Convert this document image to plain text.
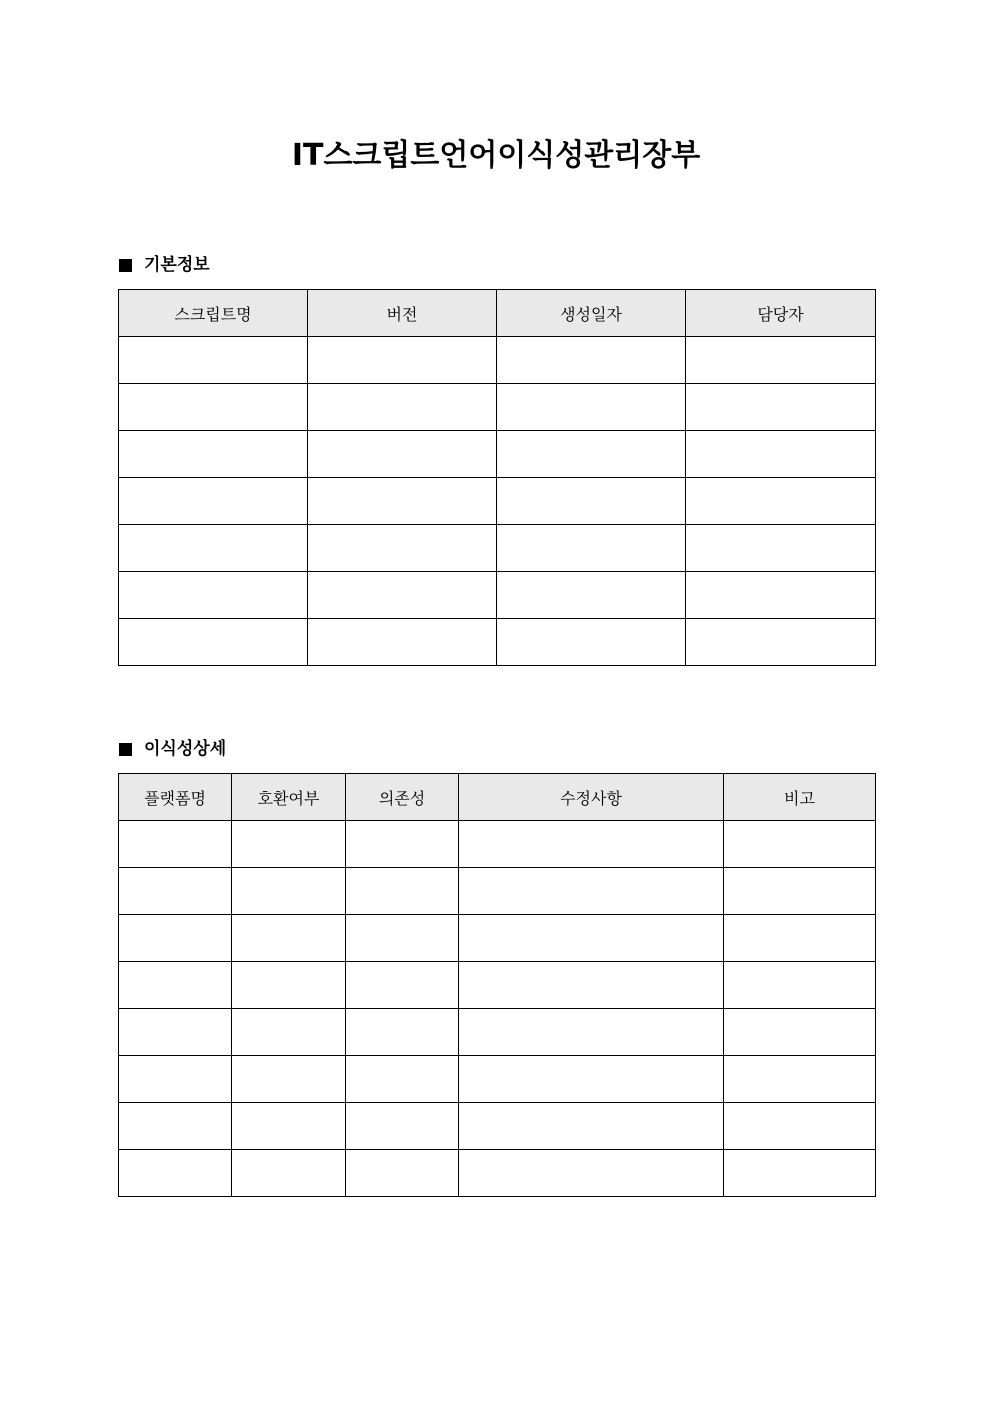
IT스크립트언어이식성관리장부
기본정보
스크립트명	버전	생성일자	담당자

이식성상세
플랫폼명	호환여부	의존성	수정사항	비고
